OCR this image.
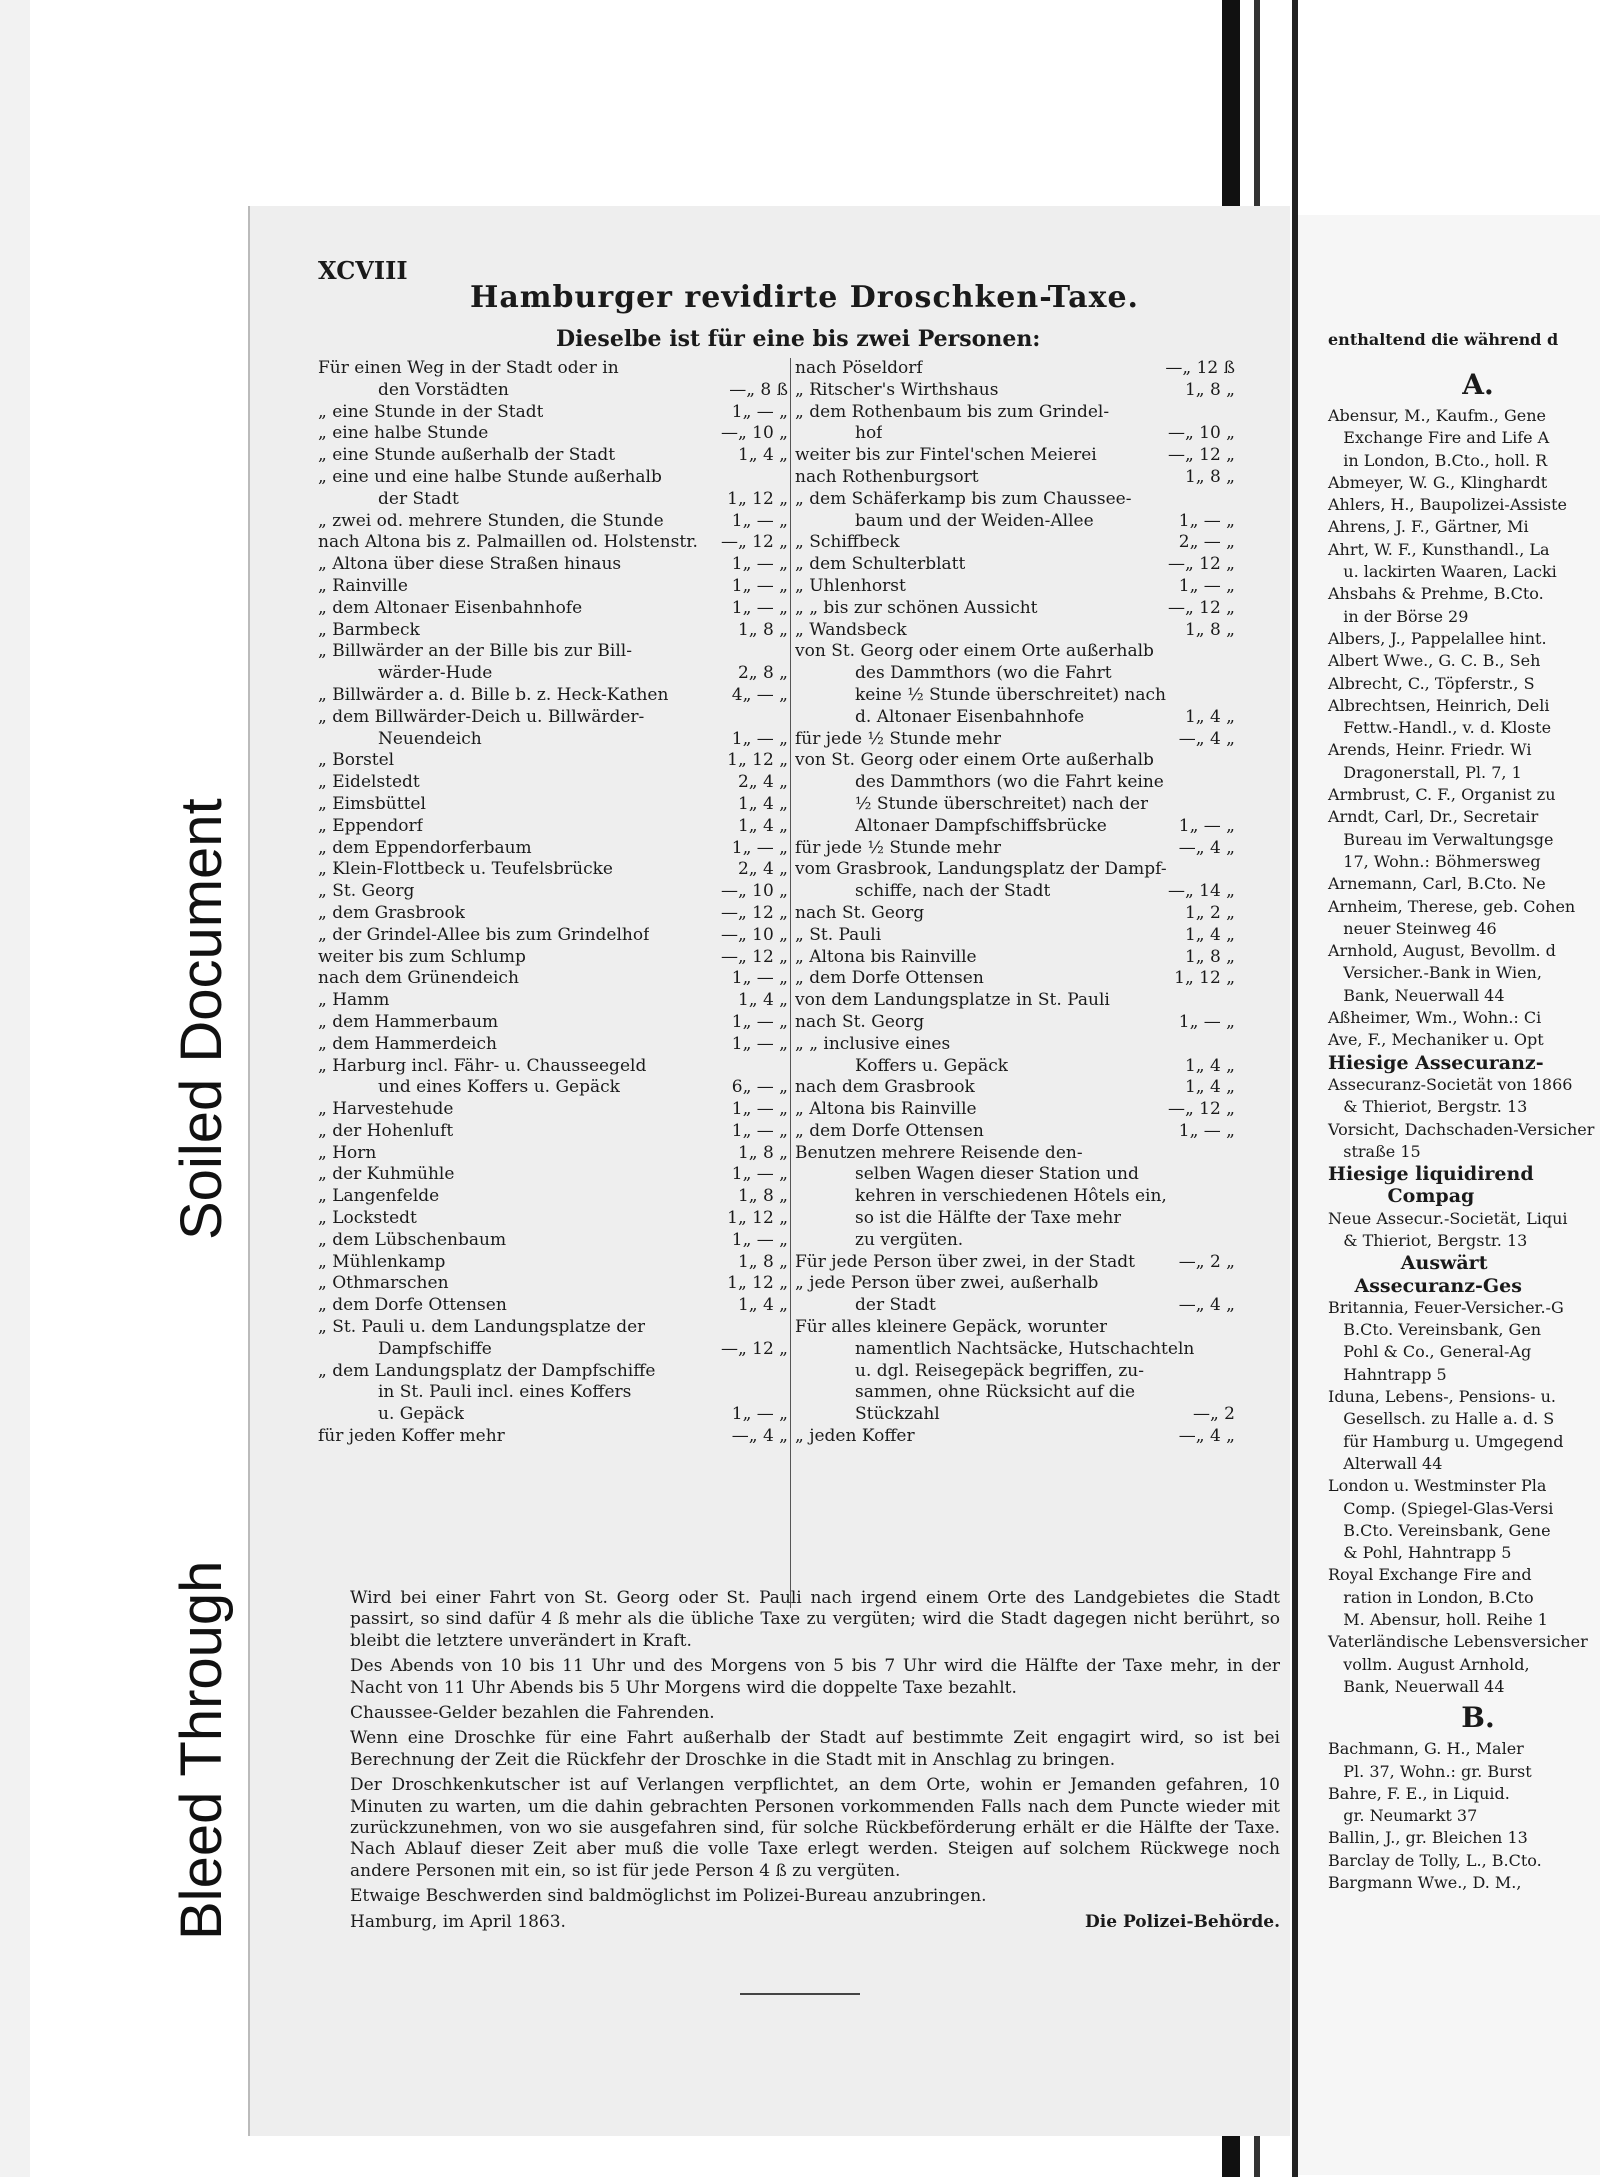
Bleed Through
Soiled Document
XCVIII
Hamburger revidirte Droschken-Taxe.
Dieselbe ist für eine bis zwei Personen:
Für einen Weg in der Stadt oder in
den Vorstädten	—„ 8 ß
„ eine Stunde in der Stadt	1„ — „
„ eine halbe Stunde	—„ 10 „
„ eine Stunde außerhalb der Stadt	1„ 4 „
„ eine und eine halbe Stunde außerhalb
der Stadt	1„ 12 „
„ zwei od. mehrere Stunden, die Stunde	1„ — „
nach Altona bis z. Palmaillen od. Holstenstr.	—„ 12 „
„ Altona über diese Straßen hinaus	1„ — „
„ Rainville	1„ — „
„ dem Altonaer Eisenbahnhofe	1„ — „
„ Barmbeck	1„ 8 „
„ Billwärder an der Bille bis zur Bill-
wärder-Hude	2„ 8 „
„ Billwärder a. d. Bille b. z. Heck-Kathen	4„ — „
„ dem Billwärder-Deich u. Billwärder-
Neuendeich	1„ — „
„ Borstel	1„ 12 „
„ Eidelstedt	2„ 4 „
„ Eimsbüttel	1„ 4 „
„ Eppendorf	1„ 4 „
„ dem Eppendorferbaum	1„ — „
„ Klein-Flottbeck u. Teufelsbrücke	2„ 4 „
„ St. Georg	—„ 10 „
„ dem Grasbrook	—„ 12 „
„ der Grindel-Allee bis zum Grindelhof	—„ 10 „
weiter bis zum Schlump	—„ 12 „
nach dem Grünendeich	1„ — „
„ Hamm	1„ 4 „
„ dem Hammerbaum	1„ — „
„ dem Hammerdeich	1„ — „
„ Harburg incl. Fähr- u. Chausseegeld
und eines Koffers u. Gepäck	6„ — „
„ Harvestehude	1„ — „
„ der Hohenluft	1„ — „
„ Horn	1„ 8 „
„ der Kuhmühle	1„ — „
„ Langenfelde	1„ 8 „
„ Lockstedt	1„ 12 „
„ dem Lübschenbaum	1„ — „
„ Mühlenkamp	1„ 8 „
„ Othmarschen	1„ 12 „
„ dem Dorfe Ottensen	1„ 4 „
„ St. Pauli u. dem Landungsplatze der
Dampfschiffe	—„ 12 „
„ dem Landungsplatz der Dampfschiffe
in St. Pauli incl. eines Koffers
u. Gepäck	1„ — „
für jeden Koffer mehr	—„ 4 „
nach Pöseldorf	—„ 12 ß
„ Ritscher's Wirthshaus	1„ 8 „
„ dem Rothenbaum bis zum Grindel-
hof	—„ 10 „
weiter bis zur Fintel'schen Meierei	—„ 12 „
nach Rothenburgsort	1„ 8 „
„ dem Schäferkamp bis zum Chaussee-
baum und der Weiden-Allee	1„ — „
„ Schiffbeck	2„ — „
„ dem Schulterblatt	—„ 12 „
„ Uhlenhorst	1„ — „
„ „ bis zur schönen Aussicht	—„ 12 „
„ Wandsbeck	1„ 8 „
von St. Georg oder einem Orte außerhalb
des Dammthors (wo die Fahrt
keine ½ Stunde überschreitet) nach
d. Altonaer Eisenbahnhofe	1„ 4 „
für jede ½ Stunde mehr	—„ 4 „
von St. Georg oder einem Orte außerhalb
des Dammthors (wo die Fahrt keine
½ Stunde überschreitet) nach der
Altonaer Dampfschiffsbrücke	1„ — „
für jede ½ Stunde mehr	—„ 4 „
vom Grasbrook, Landungsplatz der Dampf-
schiffe, nach der Stadt	—„ 14 „
nach St. Georg	1„ 2 „
„ St. Pauli	1„ 4 „
„ Altona bis Rainville	1„ 8 „
„ dem Dorfe Ottensen	1„ 12 „
von dem Landungsplatze in St. Pauli
nach St. Georg	1„ — „
„ „ inclusive eines
Koffers u. Gepäck	1„ 4 „
nach dem Grasbrook	1„ 4 „
„ Altona bis Rainville	—„ 12 „
„ dem Dorfe Ottensen	1„ — „
Benutzen mehrere Reisende den-
selben Wagen dieser Station und
kehren in verschiedenen Hôtels ein,
so ist die Hälfte der Taxe mehr
zu vergüten.
Für jede Person über zwei, in der Stadt	—„ 2 „
„ jede Person über zwei, außerhalb
der Stadt	—„ 4 „
Für alles kleinere Gepäck, worunter
namentlich Nachtsäcke, Hutschachteln
u. dgl. Reisegepäck begriffen, zu-
sammen, ohne Rücksicht auf die
Stückzahl	—„ 2
„ jeden Koffer	—„ 4 „

Wird bei einer Fahrt von St. Georg oder St. Pauli nach irgend einem Orte des Landgebietes die Stadt passirt, so sind dafür 4 ß mehr als die übliche Taxe zu vergüten; wird die Stadt dagegen nicht berührt, so bleibt die letztere unverändert in Kraft.

Des Abends von 10 bis 11 Uhr und des Morgens von 5 bis 7 Uhr wird die Hälfte der Taxe mehr, in der Nacht von 11 Uhr Abends bis 5 Uhr Morgens wird die doppelte Taxe bezahlt.

Chaussee-Gelder bezahlen die Fahrenden.

Wenn eine Droschke für eine Fahrt außerhalb der Stadt auf bestimmte Zeit engagirt wird, so ist bei Berechnung der Zeit die Rückfehr der Droschke in die Stadt mit in Anschlag zu bringen.

Der Droschkenkutscher ist auf Verlangen verpflichtet, an dem Orte, wohin er Jemanden gefahren, 10 Minuten zu warten, um die dahin gebrachten Personen vorkommenden Falls nach dem Puncte wieder mit zurückzunehmen, von wo sie ausgefahren sind, für solche Rückbeförderung erhält er die Hälfte der Taxe. Nach Ablauf dieser Zeit aber muß die volle Taxe erlegt werden. Steigen auf solchem Rückwege noch andere Personen mit ein, so ist für jede Person 4 ß zu vergüten.

Etwaige Beschwerden sind baldmöglichst im Polizei-Bureau anzubringen.

Hamburg, im April 1863.	Die Polizei-Behörde.
enthaltend die während d
A.
Abensur, M., Kaufm., Gene
Exchange Fire and Life A
in London, B.Cto., holl. R
Abmeyer, W. G., Klinghardt
Ahlers, H., Baupolizei-Assiste
Ahrens, J. F., Gärtner, Mi
Ahrt, W. F., Kunsthandl., La
u. lackirten Waaren, Lacki
Ahsbahs & Prehme, B.Cto.
in der Börse 29
Albers, J., Pappelallee hint.
Albert Wwe., G. C. B., Seh
Albrecht, C., Töpferstr., S
Albrechtsen, Heinrich, Deli
Fettw.-Handl., v. d. Kloste
Arends, Heinr. Friedr. Wi
Dragonerstall, Pl. 7, 1
Armbrust, C. F., Organist zu
Arndt, Carl, Dr., Secretair
Bureau im Verwaltungsge
17, Wohn.: Böhmersweg
Arnemann, Carl, B.Cto. Ne
Arnheim, Therese, geb. Cohen
neuer Steinweg 46
Arnhold, August, Bevollm. d
Versicher.-Bank in Wien,
Bank, Neuerwall 44
Aßheimer, Wm., Wohn.: Ci
Ave, F., Mechaniker u. Opt
Hiesige Assecuranz-
Assecuranz-Societät von 1866
& Thieriot, Bergstr. 13
Vorsicht, Dachschaden-Versicher
straße 15
Hiesige liquidirend
Compag
Neue Assecur.-Societät, Liqui
& Thieriot, Bergstr. 13
Auswärt
Assecuranz-Ges
Britannia, Feuer-Versicher.-G
B.Cto. Vereinsbank, Gen
Pohl & Co., General-Ag
Hahntrapp 5
Iduna, Lebens-, Pensions- u.
Gesellsch. zu Halle a. d. S
für Hamburg u. Umgegend
Alterwall 44
London u. Westminster Pla
Comp. (Spiegel-Glas-Versi
B.Cto. Vereinsbank, Gene
& Pohl, Hahntrapp 5
Royal Exchange Fire and
ration in London, B.Cto
M. Abensur, holl. Reihe 1
Vaterländische Lebensversicher
vollm. August Arnhold,
Bank, Neuerwall 44
B.
Bachmann, G. H., Maler
Pl. 37, Wohn.: gr. Burst
Bahre, F. E., in Liquid.
gr. Neumarkt 37
Ballin, J., gr. Bleichen 13
Barclay de Tolly, L., B.Cto.
Bargmann Wwe., D. M.,
